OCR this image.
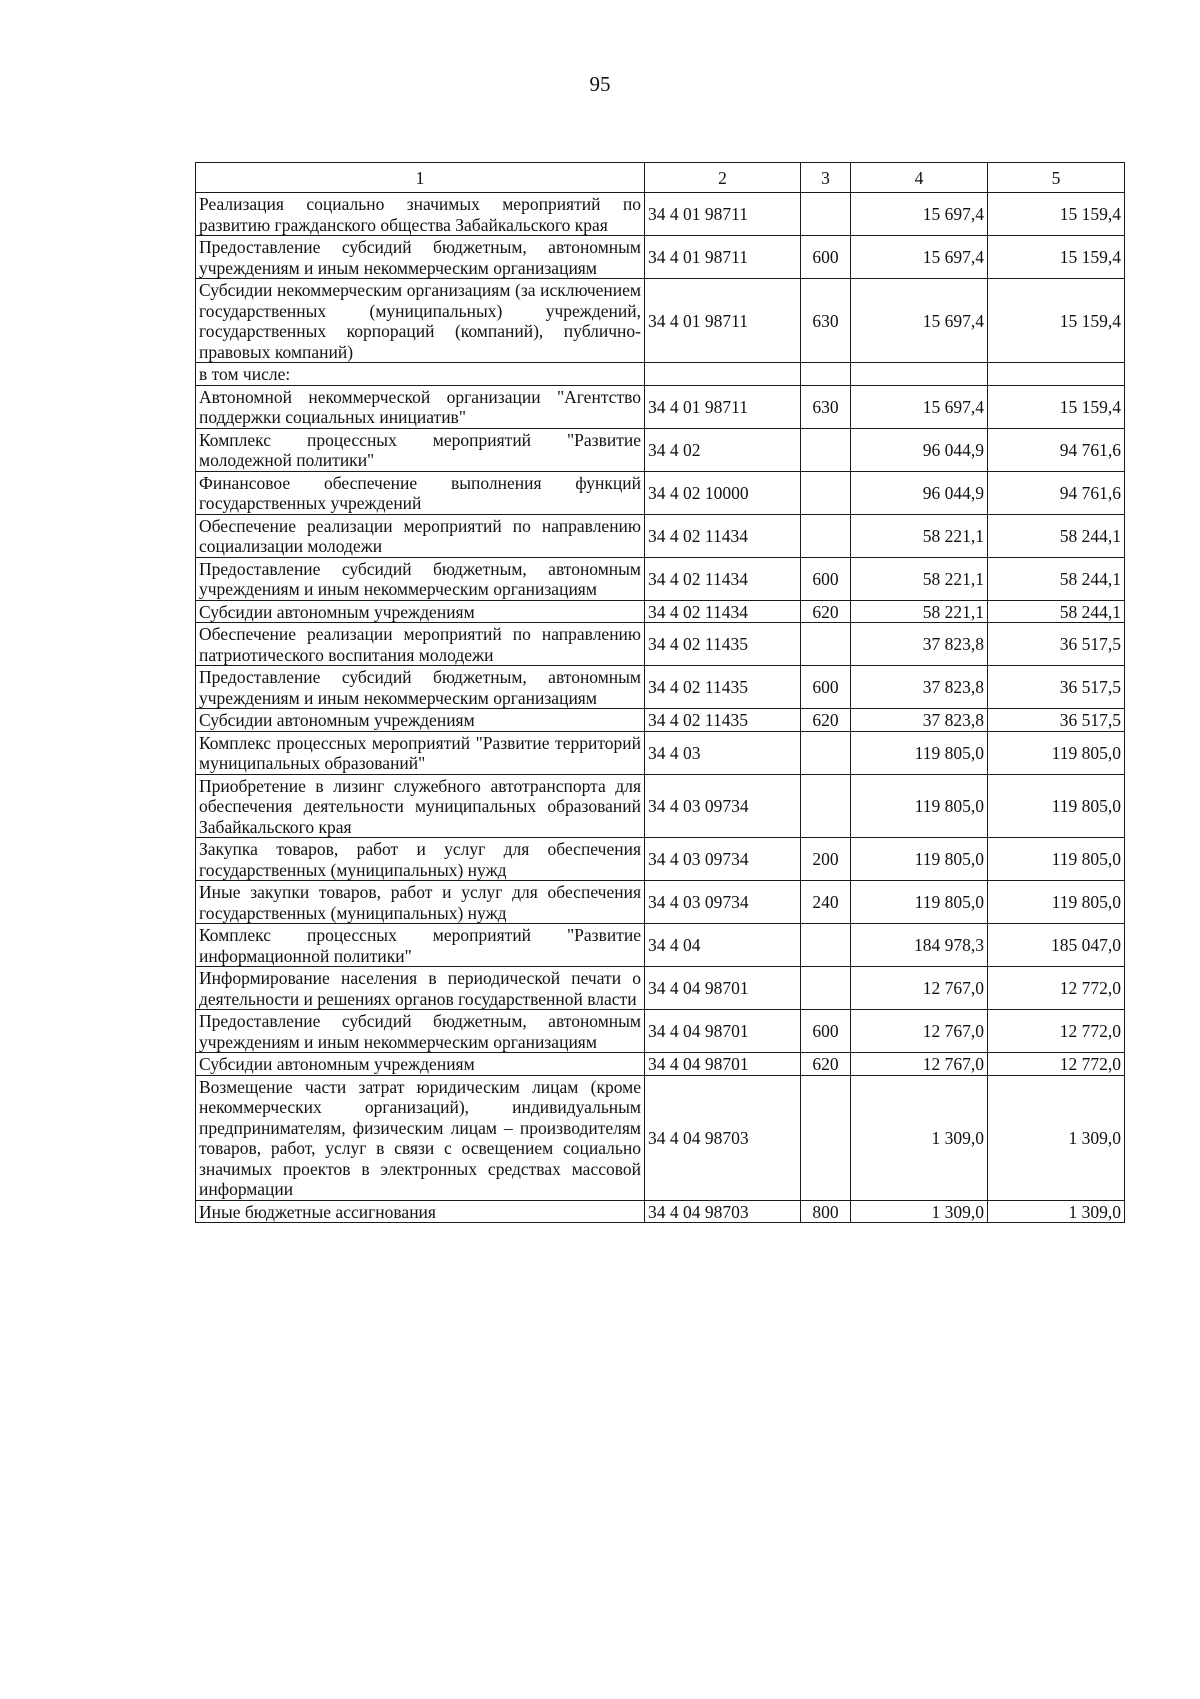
95
1	2	3	4	5
Реализация социально значимых мероприятий по развитию гражданского общества Забайкальского края	34 4 01 98711		15 697,4	15 159,4
Предоставление субсидий бюджетным, автономным учреждениям и иным некоммерческим организациям	34 4 01 98711	600	15 697,4	15 159,4
Субсидии некоммерческим организациям (за исключением государственных (муниципальных) учреждений, государственных корпораций (компаний), публично-правовых компаний)	34 4 01 98711	630	15 697,4	15 159,4
в том числе:				
Автономной некоммерческой организации "Агентство поддержки социальных инициатив"	34 4 01 98711	630	15 697,4	15 159,4
Комплекс процессных мероприятий "Развитие молодежной политики"	34 4 02		96 044,9	94 761,6
Финансовое обеспечение выполнения функций государственных учреждений	34 4 02 10000		96 044,9	94 761,6
Обеспечение реализации мероприятий по направлению социализации молодежи	34 4 02 11434		58 221,1	58 244,1
Предоставление субсидий бюджетным, автономным учреждениям и иным некоммерческим организациям	34 4 02 11434	600	58 221,1	58 244,1
Субсидии автономным учреждениям	34 4 02 11434	620	58 221,1	58 244,1
Обеспечение реализации мероприятий по направлению патриотического воспитания молодежи	34 4 02 11435		37 823,8	36 517,5
Предоставление субсидий бюджетным, автономным учреждениям и иным некоммерческим организациям	34 4 02 11435	600	37 823,8	36 517,5
Субсидии автономным учреждениям	34 4 02 11435	620	37 823,8	36 517,5
Комплекс процессных мероприятий "Развитие территорий муниципальных образований"	34 4 03		119 805,0	119 805,0
Приобретение в лизинг служебного автотранспорта для обеспечения деятельности муниципальных образований Забайкальского края	34 4 03 09734		119 805,0	119 805,0
Закупка товаров, работ и услуг для обеспечения государственных (муниципальных) нужд	34 4 03 09734	200	119 805,0	119 805,0
Иные закупки товаров, работ и услуг для обеспечения государственных (муниципальных) нужд	34 4 03 09734	240	119 805,0	119 805,0
Комплекс процессных мероприятий "Развитие информационной политики"	34 4 04		184 978,3	185 047,0
Информирование населения в периодической печати о деятельности и решениях органов государственной власти	34 4 04 98701		12 767,0	12 772,0
Предоставление субсидий бюджетным, автономным учреждениям и иным некоммерческим организациям	34 4 04 98701	600	12 767,0	12 772,0
Субсидии автономным учреждениям	34 4 04 98701	620	12 767,0	12 772,0
Возмещение части затрат юридическим лицам (кроме некоммерческих организаций), индивидуальным предпринимателям, физическим лицам – производителям товаров, работ, услуг в связи с освещением социально значимых проектов в электронных средствах массовой информации	34 4 04 98703		1 309,0	1 309,0
Иные бюджетные ассигнования	34 4 04 98703	800	1 309,0	1 309,0
